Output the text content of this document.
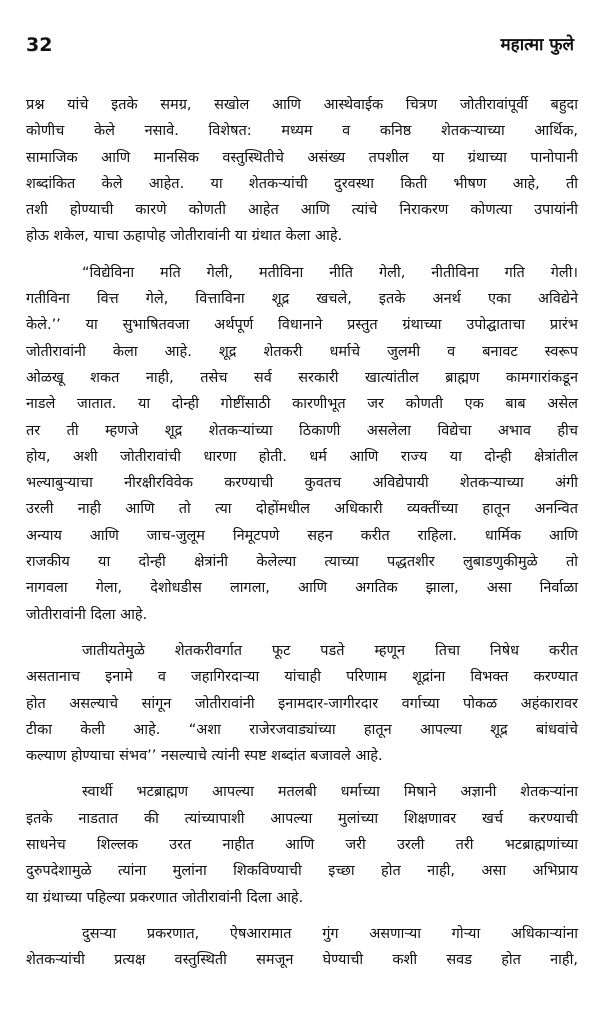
32	महात्मा फुले
प्रश्न यांचे इतके समग्र, सखोल आणि आस्थेवाईक चित्रण जोतीरावांपूर्वी बहुदा
कोणीच केले नसावे. विशेषत: मध्यम व कनिष्ठ शेतकऱ्याच्या आर्थिक,
सामाजिक आणि मानसिक वस्तुस्थितीचे असंख्य तपशील या ग्रंथाच्या पानोपानी
शब्दांकित केले आहेत. या शेतकऱ्यांची दुरवस्था किती भीषण आहे, ती
तशी होण्याची कारणे कोणती आहेत आणि त्यांचे निराकरण कोणत्या उपायांनी
होऊ शकेल, याचा ऊहापोह जोतीरावांनी या ग्रंथात केला आहे.
“विद्येविना मति गेली, मतीविना नीति गेली, नीतीविना गति गेली।
गतीविना वित्त गेले, वित्ताविना शूद्र खचले, इतके अनर्थ एका अविद्येने
केले.’’ या सुभाषितवजा अर्थपूर्ण विधानाने प्रस्तुत ग्रंथाच्या उपोद्घाताचा प्रारंभ
जोतीरावांनी केला आहे. शूद्र शेतकरी धर्माचे जुलमी व बनावट स्वरूप
ओळखू शकत नाही, तसेच सर्व सरकारी खात्यांतील ब्राह्मण कामगारांकडून
नाडले जातात. या दोन्ही गोष्टींसाठी कारणीभूत जर कोणती एक बाब असेल
तर ती म्हणजे शूद्र शेतकऱ्यांच्या ठिकाणी असलेला विद्येचा अभाव हीच
होय, अशी जोतीरावांची धारणा होती. धर्म आणि राज्य या दोन्ही क्षेत्रांतील
भल्याबुऱ्याचा नीरक्षीरविवेक करण्याची कुवतच अविद्येपायी शेतकऱ्याच्या अंगी
उरली नाही आणि तो त्या दोहोंमधील अधिकारी व्यक्तींच्या हातून अनन्वित
अन्याय आणि जाच-जुलूम निमूटपणे सहन करीत राहिला. धार्मिक आणि
राजकीय या दोन्ही क्षेत्रांनी केलेल्या त्याच्या पद्धतशीर लुबाडणुकीमुळे तो
नागवला गेला, देशोधडीस लागला, आणि अगतिक झाला, असा निर्वाळा
जोतीरावांनी दिला आहे.
जातीयतेमुळे शेतकरीवर्गात फूट पडते म्हणून तिचा निषेध करीत
असतानाच इनामे व जहागिरदाऱ्या यांचाही परिणाम शूद्रांना विभक्त करण्यात
होत असल्याचे सांगून जोतीरावांनी इनामदार-जागीरदार वर्गाच्या पोकळ अहंकारावर
टीका केली आहे. “अशा राजेरजवाड्यांच्या हातून आपल्या शूद्र बांधवांचे
कल्याण होण्याचा संभव’’ नसल्याचे त्यांनी स्पष्ट शब्दांत बजावले आहे.
स्वार्थी भटब्राह्मण आपल्या मतलबी धर्माच्या मिषाने अज्ञानी शेतकऱ्यांना
इतके नाडतात की त्यांच्यापाशी आपल्या मुलांच्या शिक्षणावर खर्च करण्याची
साधनेच शिल्लक उरत नाहीत आणि जरी उरली तरी भटब्राह्मणांच्या
दुरुपदेशामुळे त्यांना मुलांना शिकविण्याची इच्छा होत नाही, असा अभिप्राय
या ग्रंथाच्या पहिल्या प्रकरणात जोतीरावांनी दिला आहे.
दुसऱ्या प्रकरणात, ऐषआरामात गुंग असणाऱ्या गोऱ्या अधिकाऱ्यांना
शेतकऱ्यांची प्रत्यक्ष वस्तुस्थिती समजून घेण्याची कशी सवड होत नाही,
